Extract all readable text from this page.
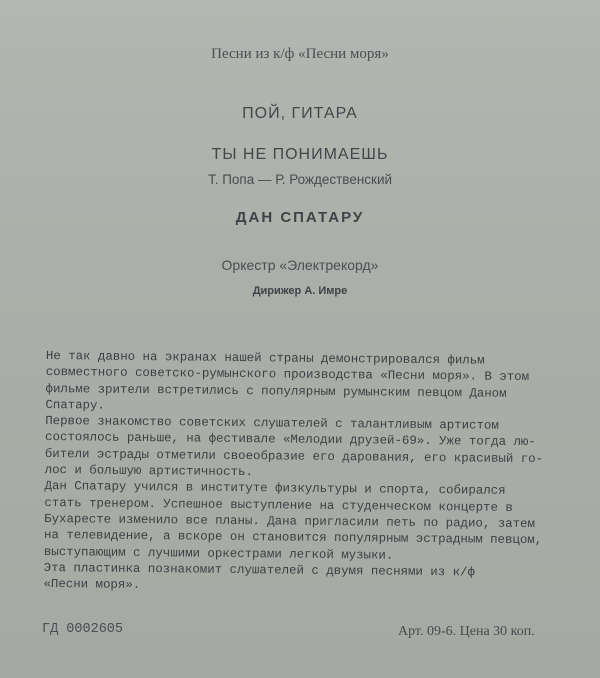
Песни из к/ф «Песни моря»
ПОЙ, ГИТАРА
ТЫ НЕ ПОНИМАЕШЬ
Т. Попа — Р. Рождественский
ДАН СПАТАРУ
Оркестр «Электрекорд»
Дирижер А. Имре
Не так давно на экранах нашей страны демонстрировался фильм
совместного советско-румынского производства «Песни моря». В этом
фильме зрители встретились с популярным румынским певцом Даном
Спатару.
Первое знакомство советских слушателей с талантливым артистом
состоялось раньше, на фестивале «Мелодии друзей-69». Уже тогда лю-
бители эстрады отметили своеобразие его дарования, его красивый го-
лос и большую артистичность.
Дан Спатару учился в институте физкультуры и спорта, собирался
стать тренером. Успешное выступление на студенческом концерте в
Бухаресте изменило все планы. Дана пригласили петь по радио, затем
на телевидение, а вскоре он становится популярным эстрадным певцом,
выступающим с лучшими оркестрами легкой музыки.
Эта пластинка познакомит слушателей с двумя песнями из к/ф
«Песни моря».
ГД 0002605	Арт. 09-6. Цена 30 коп.
